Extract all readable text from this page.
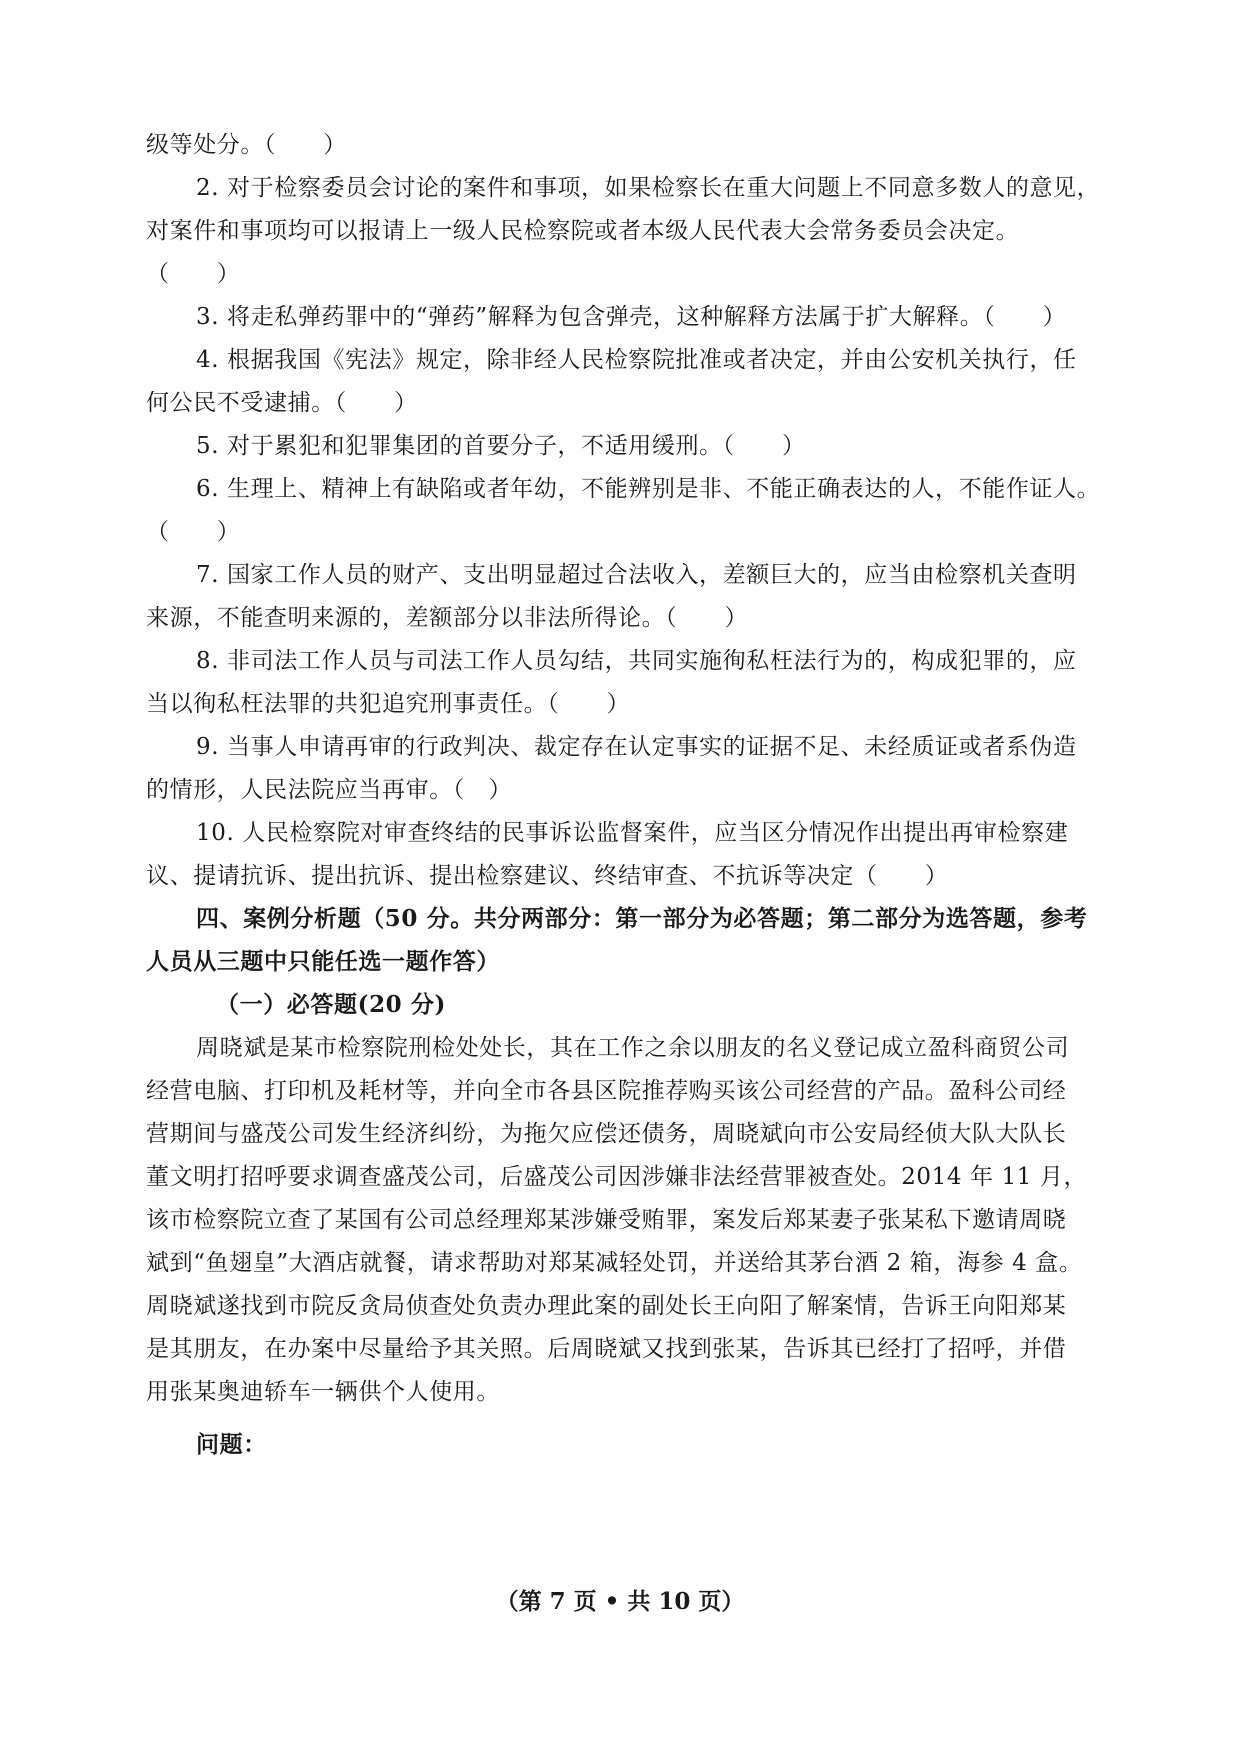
级等处分。（　　）
2. 对于检察委员会讨论的案件和事项，如果检察长在重大问题上不同意多数人的意见，
对案件和事项均可以报请上一级人民检察院或者本级人民代表大会常务委员会决定。
（　　）
3. 将走私弹药罪中的“弹药”解释为包含弹壳，这种解释方法属于扩大解释。（　　）
4. 根据我国《宪法》规定，除非经人民检察院批准或者决定，并由公安机关执行，任
何公民不受逮捕。（　　）
5. 对于累犯和犯罪集团的首要分子，不适用缓刑。（　　）
6. 生理上、精神上有缺陷或者年幼，不能辨别是非、不能正确表达的人，不能作证人。
（　　）
7. 国家工作人员的财产、支出明显超过合法收入，差额巨大的，应当由检察机关查明
来源，不能查明来源的，差额部分以非法所得论。（　　）
8. 非司法工作人员与司法工作人员勾结，共同实施徇私枉法行为的，构成犯罪的，应
当以徇私枉法罪的共犯追究刑事责任。（　　）
9. 当事人申请再审的行政判决、裁定存在认定事实的证据不足、未经质证或者系伪造
的情形，人民法院应当再审。（　）
10. 人民检察院对审查终结的民事诉讼监督案件，应当区分情况作出提出再审检察建
议、提请抗诉、提出抗诉、提出检察建议、终结审查、不抗诉等决定（　　）
四、案例分析题（50 分。共分两部分：第一部分为必答题；第二部分为选答题，参考
人员从三题中只能任选一题作答）
（一）必答题(20 分)
周晓斌是某市检察院刑检处处长，其在工作之余以朋友的名义登记成立盈科商贸公司
经营电脑、打印机及耗材等，并向全市各县区院推荐购买该公司经营的产品。盈科公司经
营期间与盛茂公司发生经济纠纷，为拖欠应偿还债务，周晓斌向市公安局经侦大队大队长
董文明打招呼要求调查盛茂公司，后盛茂公司因涉嫌非法经营罪被查处。2014 年 11 月，
该市检察院立查了某国有公司总经理郑某涉嫌受贿罪，案发后郑某妻子张某私下邀请周晓
斌到“鱼翅皇”大酒店就餐，请求帮助对郑某减轻处罚，并送给其茅台酒 2 箱，海参 4 盒。
周晓斌遂找到市院反贪局侦查处负责办理此案的副处长王向阳了解案情，告诉王向阳郑某
是其朋友，在办案中尽量给予其关照。后周晓斌又找到张某，告诉其已经打了招呼，并借
用张某奥迪轿车一辆供个人使用。
问题：
（第 7 页 • 共 10 页）
